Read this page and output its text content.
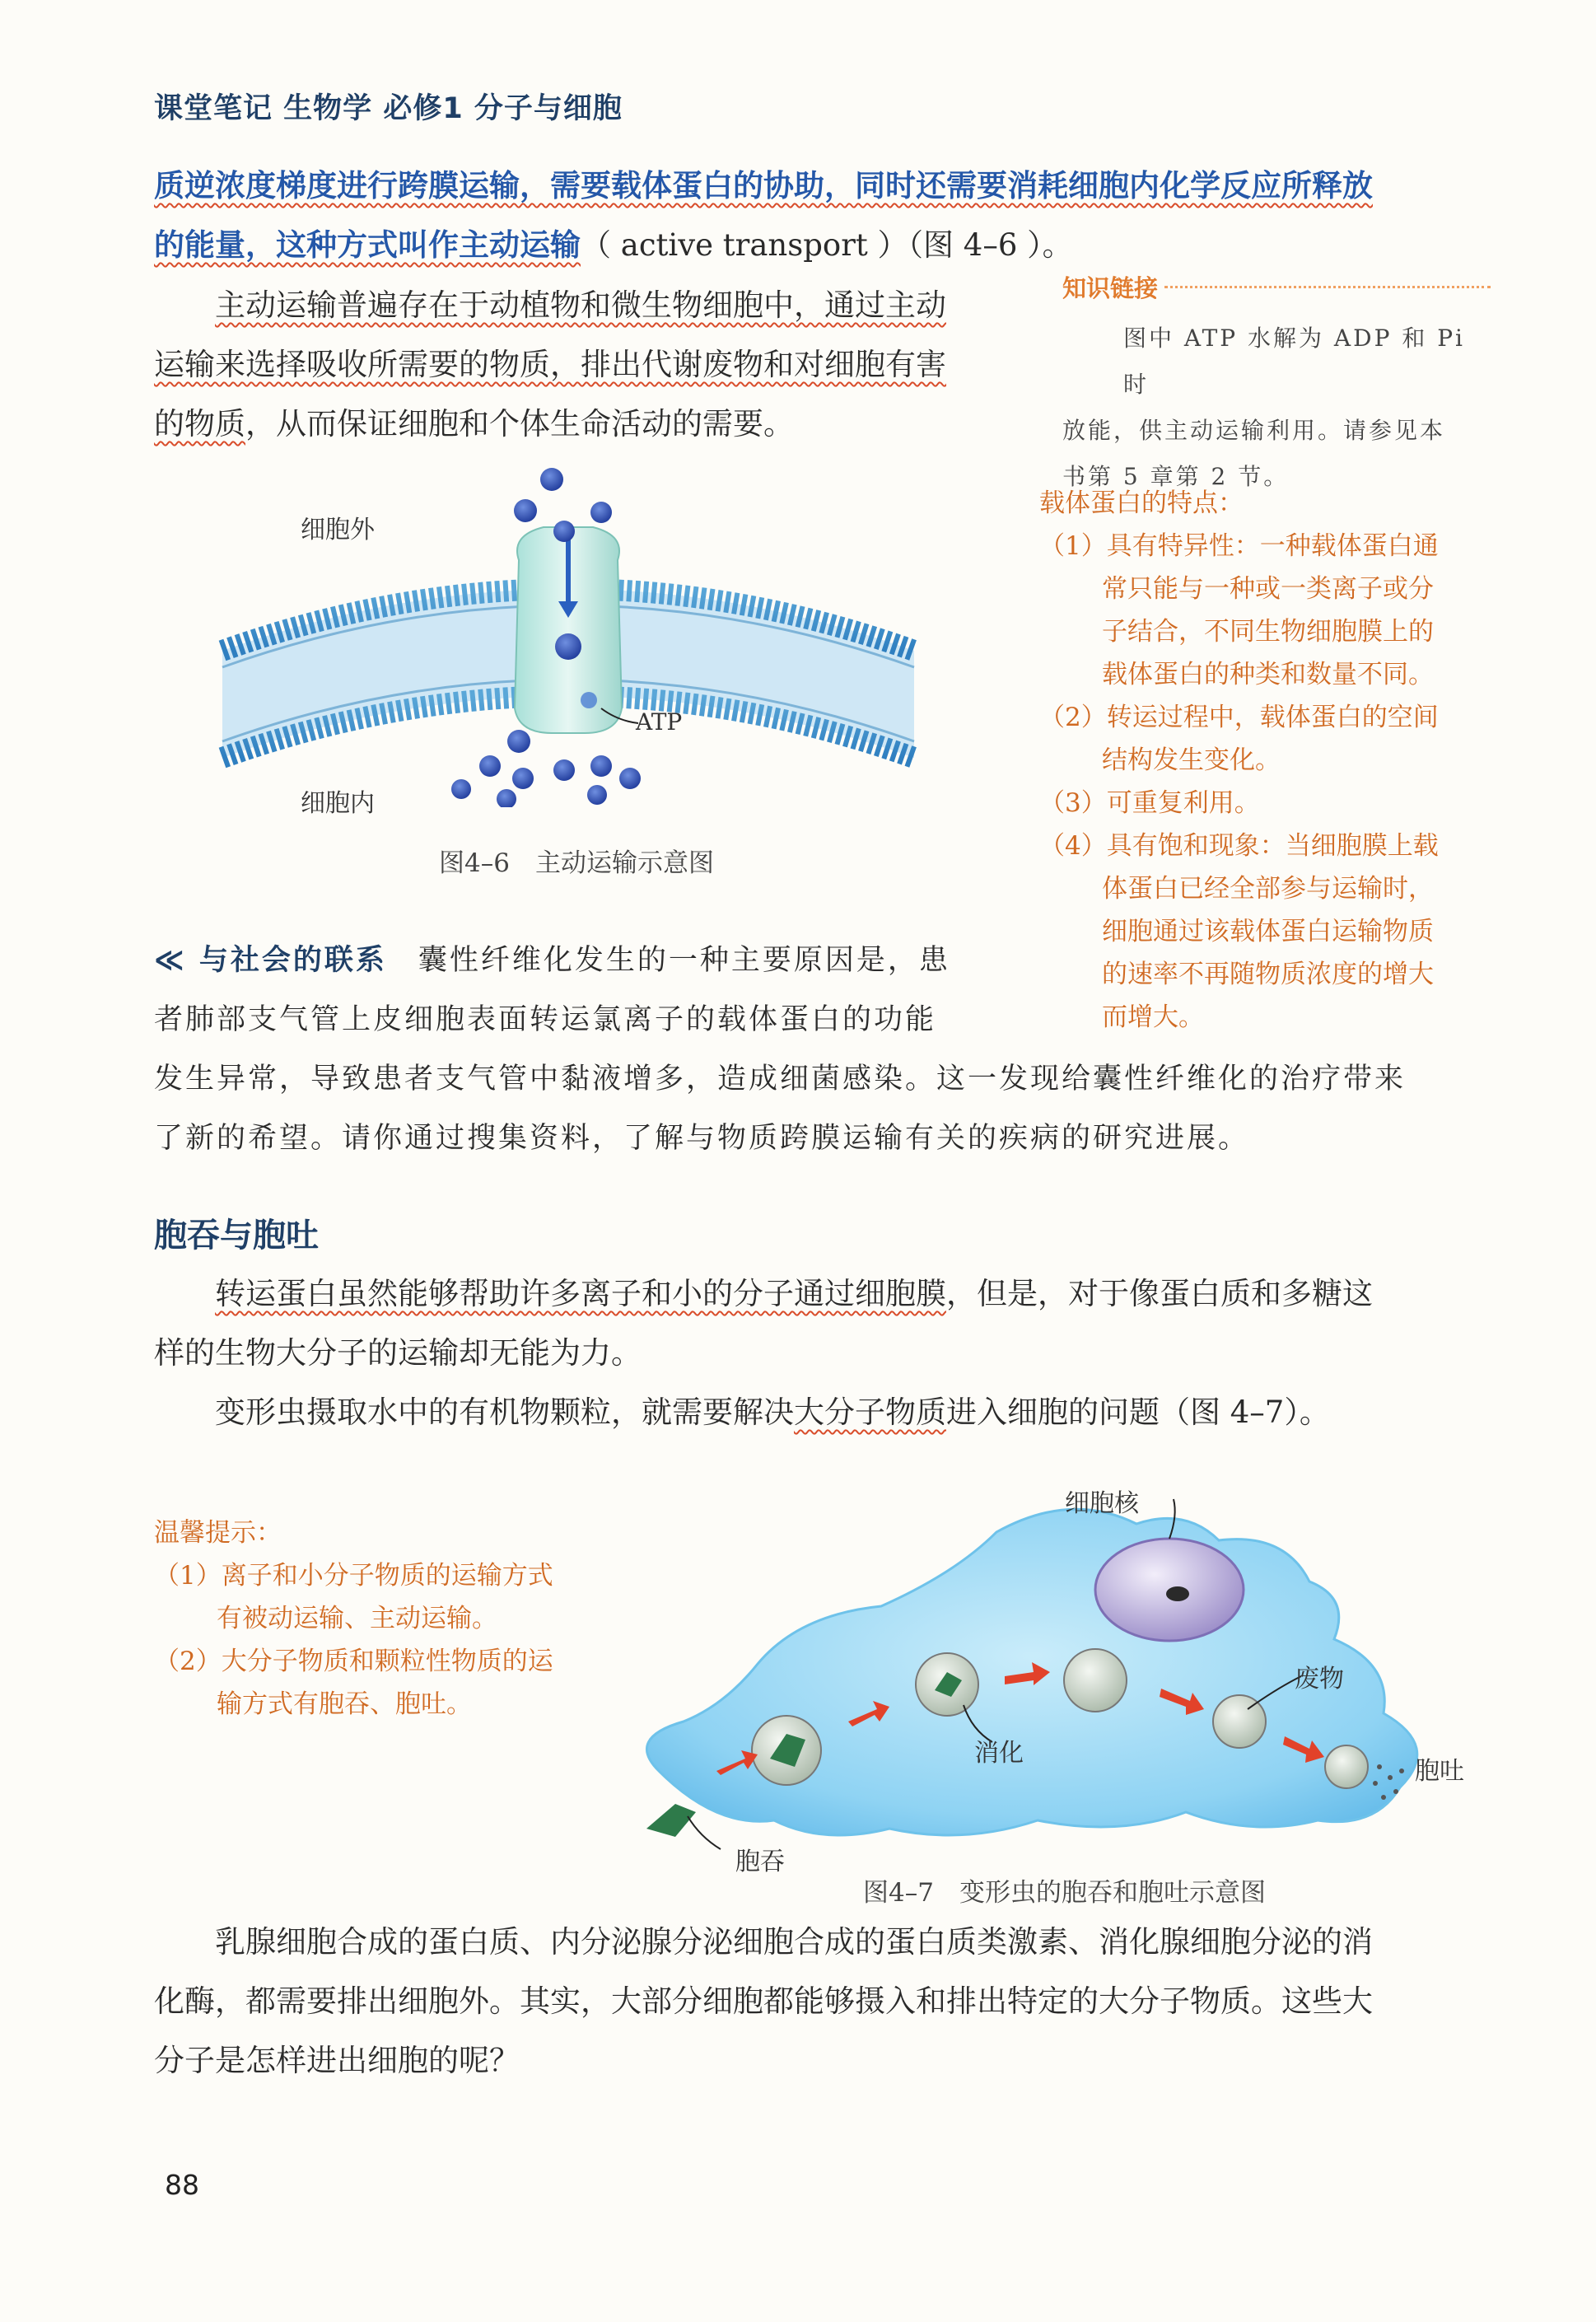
课堂笔记 生物学 必修1 分子与细胞
质逆浓度梯度进行跨膜运输，需要载体蛋白的协助，同时还需要消耗细胞内化学反应所释放
的能量，这种方式叫作主动运输（ active transport ）（图 4–6 ）。
主动运输普遍存在于动植物和微生物细胞中，通过主动
运输来选择吸收所需要的物质，排出代谢废物和对细胞有害
的物质，从而保证细胞和个体生命活动的需要。
知识链接
图中 ATP 水解为 ADP 和 Pi 时
放能，供主动运输利用。请参见本
书第 5 章第 2 节。
载体蛋白的特点：
（1）具有特异性：一种载体蛋白通
常只能与一种或一类离子或分
子结合，不同生物细胞膜上的
载体蛋白的种类和数量不同。
（2）转运过程中，载体蛋白的空间
结构发生变化。
（3）可重复利用。
（4）具有饱和现象：当细胞膜上载
体蛋白已经全部参与运输时，
细胞通过该载体蛋白运输物质
的速率不再随物质浓度的增大
而增大。
细胞外
细胞内
ATP
图4–6　主动运输示意图
≪ 与社会的联系 囊性纤维化发生的一种主要原因是，患
者肺部支气管上皮细胞表面转运氯离子的载体蛋白的功能
发生异常，导致患者支气管中黏液增多，造成细菌感染。这一发现给囊性纤维化的治疗带来
了新的希望。请你通过搜集资料，了解与物质跨膜运输有关的疾病的研究进展。
胞吞与胞吐
转运蛋白虽然能够帮助许多离子和小的分子通过细胞膜，但是，对于像蛋白质和多糖这
样的生物大分子的运输却无能为力。
变形虫摄取水中的有机物颗粒，就需要解决大分子物质进入细胞的问题（图 4–7）。
温馨提示：
（1）离子和小分子物质的运输方式
有被动运输、主动运输。
（2）大分子物质和颗粒性物质的运
输方式有胞吞、胞吐。
细胞核
废物
消化
胞吐
胞吞
图4–7　变形虫的胞吞和胞吐示意图
乳腺细胞合成的蛋白质、内分泌腺分泌细胞合成的蛋白质类激素、消化腺细胞分泌的消
化酶，都需要排出细胞外。其实，大部分细胞都能够摄入和排出特定的大分子物质。这些大
分子是怎样进出细胞的呢？
88
